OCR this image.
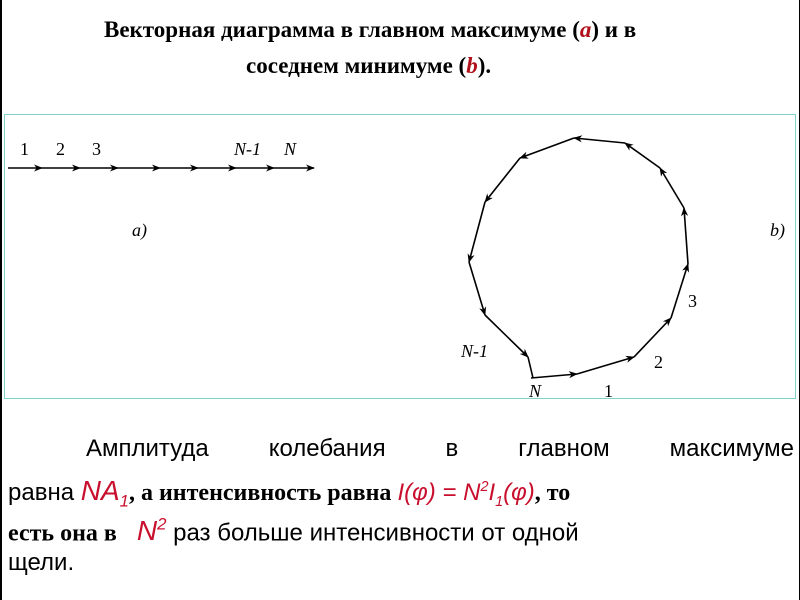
Векторная диаграмма в главном максимуме (a) и в
соседнем минимуме (b).
1 2 3	N-1 N
a)
1
2
3
N-1
N
b)
Амплитуда колебания в главном максимуме
равна $NA_1$, а интенсивность равна $I(\varphi) = N^2I_1(\varphi)$, то
есть она в $N^2$ раз больше интенсивности от одной
щели.
